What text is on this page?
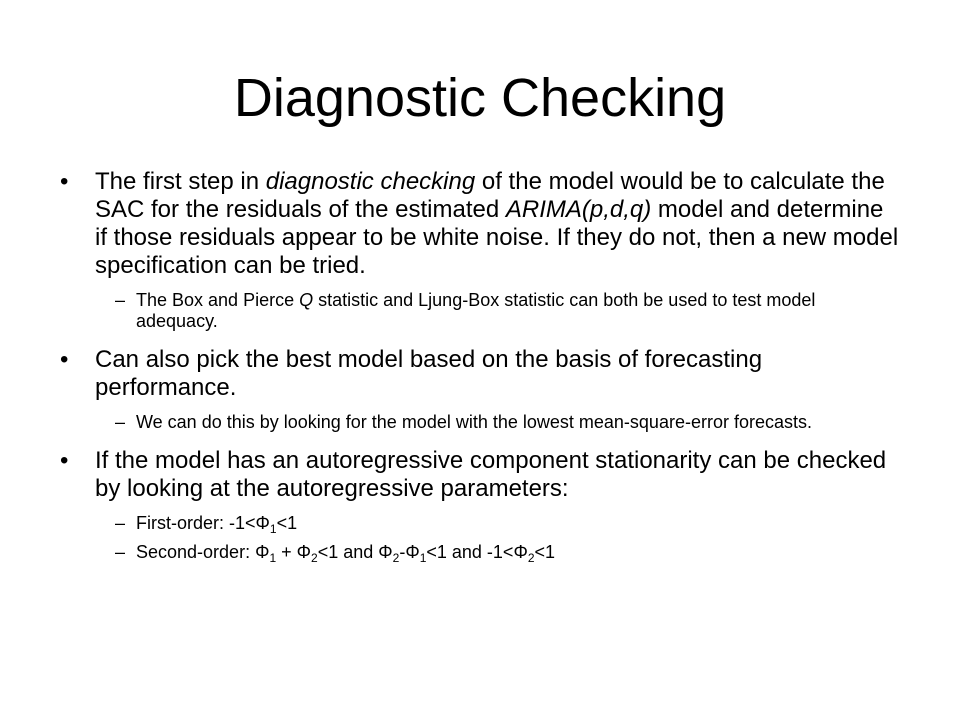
Diagnostic Checking
• The first step in diagnostic checking of the model would be to calculate the SAC for the residuals of the estimated ARIMA(p,d,q) model and determine if those residuals appear to be white noise. If they do not, then a new model specification can be tried.
– The Box and Pierce Q statistic and Ljung-Box statistic can both be used to test model adequacy.
• Can also pick the best model based on the basis of forecasting performance.
– We can do this by looking for the model with the lowest mean-square-error forecasts.
• If the model has an autoregressive component stationarity can be checked by looking at the autoregressive parameters:
– First-order: $-1<\Phi_1<1$
– Second-order: $\Phi_1 + \Phi_2<1$ and $\Phi_2-\Phi_1<1$ and $-1<\Phi_2<1$
